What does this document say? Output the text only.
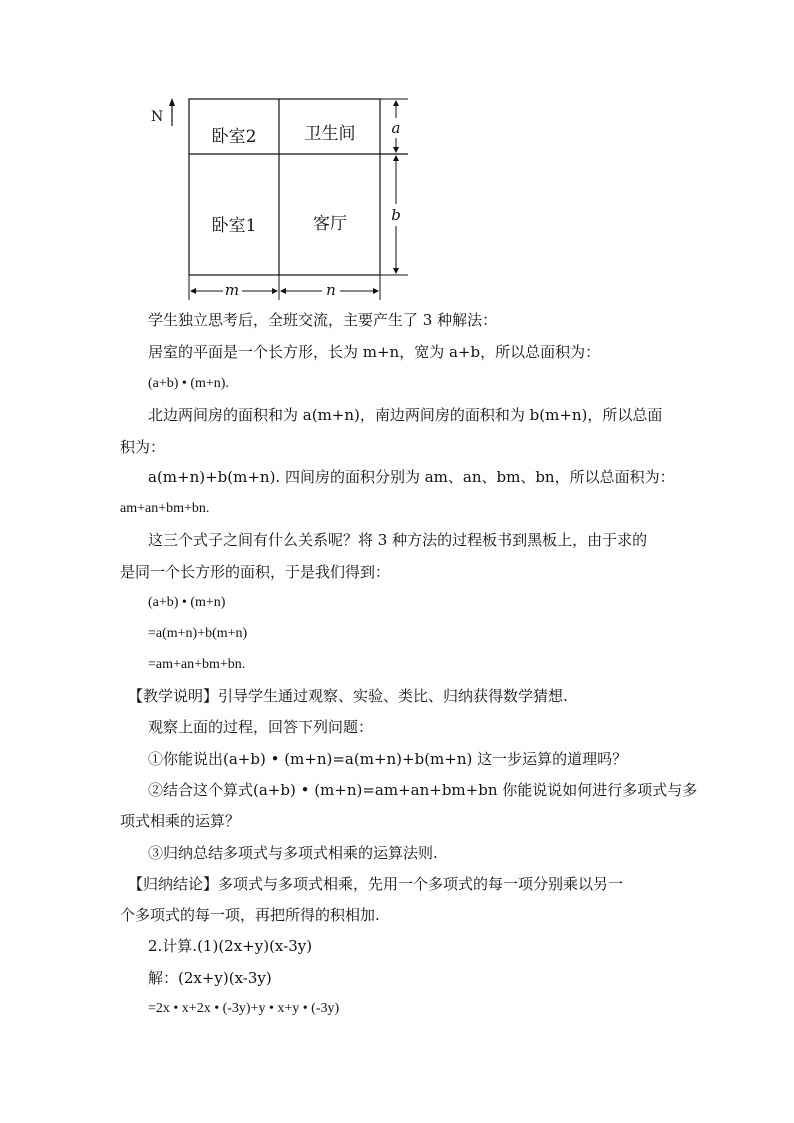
N
卧室2	卫生间
卧室1	客厅
a
b
m	n
学生独立思考后，全班交流，主要产生了 3 种解法：
居室的平面是一个长方形，长为 m+n，宽为 a+b，所以总面积为：
(a+b) • (m+n).
北边两间房的面积和为 a(m+n)，南边两间房的面积和为 b(m+n)，所以总面
积为：
a(m+n)+b(m+n). 四间房的面积分别为 am、an、bm、bn，所以总面积为：
am+an+bm+bn.
这三个式子之间有什么关系呢？将 3 种方法的过程板书到黑板上，由于求的
是同一个长方形的面积，于是我们得到：
(a+b) • (m+n)
=a(m+n)+b(m+n)
=am+an+bm+bn.
【教学说明】引导学生通过观察、实验、类比、归纳获得数学猜想.
观察上面的过程，回答下列问题：
①你能说出(a+b) • (m+n)=a(m+n)+b(m+n) 这一步运算的道理吗？
②结合这个算式(a+b) • (m+n)=am+an+bm+bn 你能说说如何进行多项式与多
项式相乘的运算？
③归纳总结多项式与多项式相乘的运算法则.
【归纳结论】多项式与多项式相乘，先用一个多项式的每一项分别乘以另一
个多项式的每一项，再把所得的积相加.
2.计算.(1)(2x+y)(x-3y)
解：(2x+y)(x-3y)
=2x • x+2x • (-3y)+y • x+y • (-3y)
